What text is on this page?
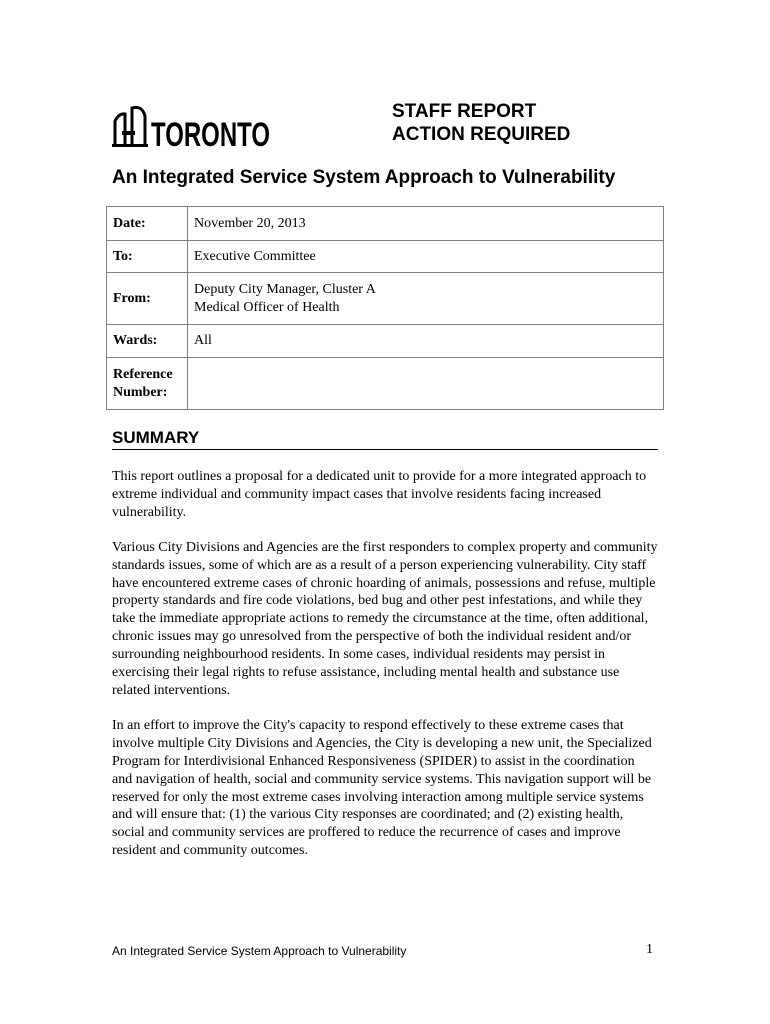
TORONTO
STAFF REPORT
ACTION REQUIRED
An Integrated Service System Approach to Vulnerability
Date:	November 20, 2013
To:	Executive Committee
From:	Deputy City Manager, Cluster A
Medical Officer of Health

Wards:	All

Reference
Number:	

SUMMARY

This report outlines a proposal for a dedicated unit to provide for a more integrated approach to extreme individual and community impact cases that involve residents facing increased vulnerability.

Various City Divisions and Agencies are the first responders to complex property and community standards issues, some of which are as a result of a person experiencing vulnerability. City staff have encountered extreme cases of chronic hoarding of animals, possessions and refuse, multiple property standards and fire code violations, bed bug and other pest infestations, and while they take the immediate appropriate actions to remedy the circumstance at the time, often additional, chronic issues may go unresolved from the perspective of both the individual resident and/or surrounding neighbourhood residents. In some cases, individual residents may persist in exercising their legal rights to refuse assistance, including mental health and substance use related interventions.

In an effort to improve the City's capacity to respond effectively to these extreme cases that involve multiple City Divisions and Agencies, the City is developing a new unit, the Specialized Program for Interdivisional Enhanced Responsiveness (SPIDER) to assist in the coordination and navigation of health, social and community service systems. This navigation support will be reserved for only the most extreme cases involving interaction among multiple service systems and will ensure that: (1) the various City responses are coordinated; and (2) existing health, social and community services are proffered to reduce the recurrence of cases and improve resident and community outcomes.

An Integrated Service System Approach to Vulnerability	1
